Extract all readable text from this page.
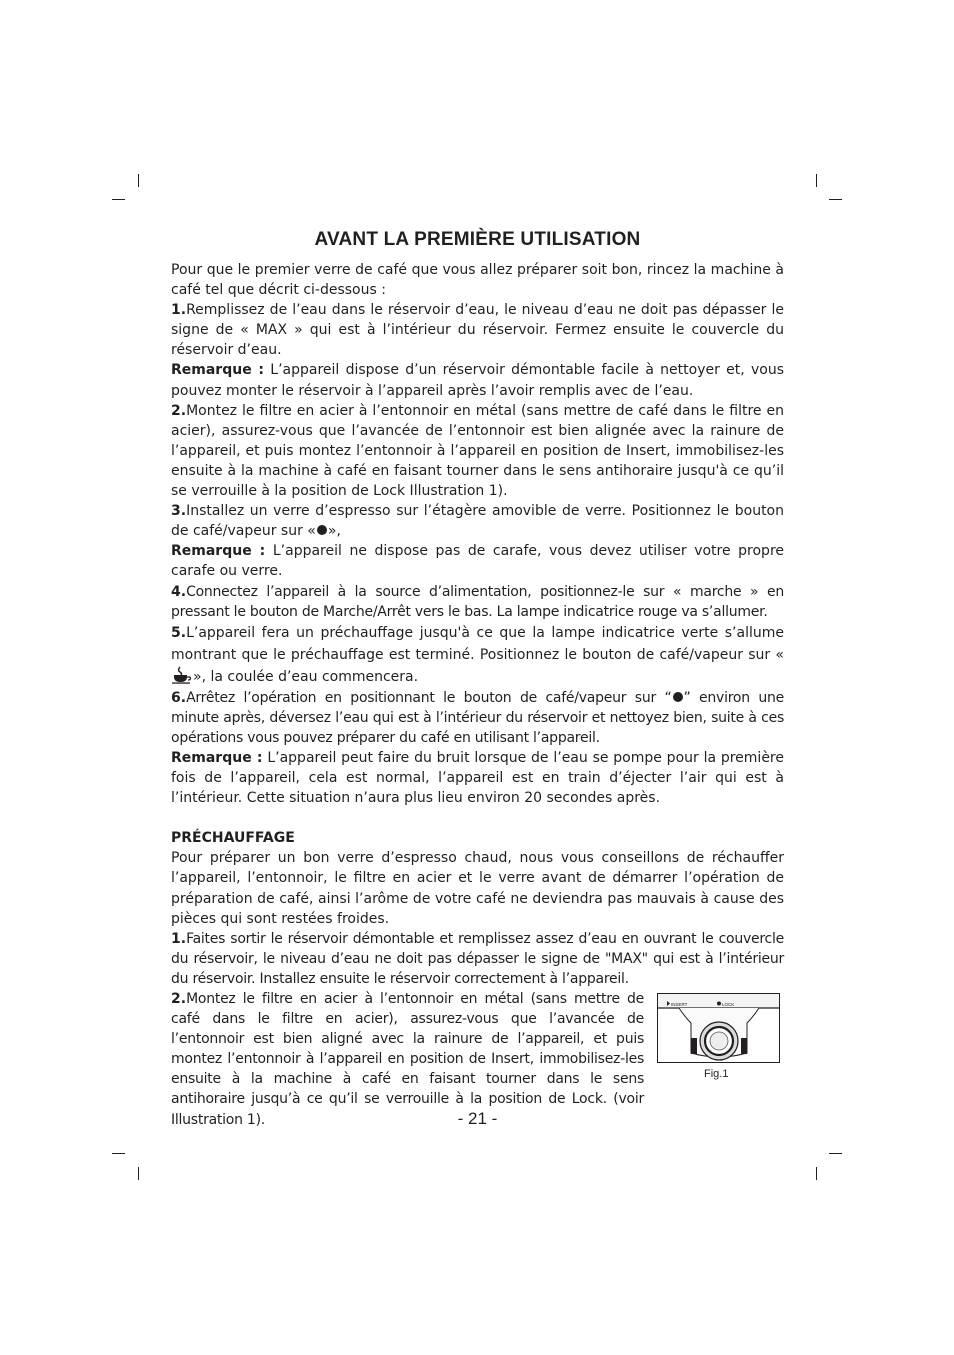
AVANT LA PREMIÈRE UTILISATION

Pour que le premier verre de café que vous allez préparer soit bon, rincez la machine à café tel que décrit ci-dessous :

1.Remplissez de l’eau dans le réservoir d’eau, le niveau d’eau ne doit pas dépasser le signe de « MAX » qui est à l’intérieur du réservoir. Fermez ensuite le couvercle du réservoir d’eau.

Remarque : L’appareil dispose d’un réservoir démontable facile à nettoyer et, vous pouvez monter le réservoir à l’appareil après l’avoir remplis avec de l’eau.

2.Montez le filtre en acier à l’entonnoir en métal (sans mettre de café dans le filtre en acier), assurez-vous que l’avancée de l’entonnoir est bien alignée avec la rainure de l’appareil, et puis montez l’entonnoir à l’appareil en position de Insert, immobilisez-les ensuite à la machine à café en faisant tourner dans le sens antihoraire jusqu'à ce qu’il se verrouille à la position de Lock Illustration 1).

3.Installez un verre d’espresso sur l’étagère amovible de verre. Positionnez le bouton de café/vapeur sur « »,

Remarque : L’appareil ne dispose pas de carafe, vous devez utiliser votre propre carafe ou verre.

4.Connectez l’appareil à la source d’alimentation, positionnez-le sur « marche » en pressant le bouton de Marche/Arrêt vers le bas. La lampe indicatrice rouge va s’allumer.

5.L’appareil fera un préchauffage jusqu'à ce que la lampe indicatrice verte s’allume montrant que le préchauffage est terminé. Positionnez le bouton de café/vapeur sur «», la coulée d’eau commencera.

6.Arrêtez l’opération en positionnant le bouton de café/vapeur sur “ ” environ une minute après, déversez l’eau qui est à l’intérieur du réservoir et nettoyez bien, suite à ces opérations vous pouvez préparer du café en utilisant l’appareil.

Remarque : L’appareil peut faire du bruit lorsque de l’eau se pompe pour la première fois de l’appareil, cela est normal, l’appareil est en train d’éjecter l’air qui est à l’intérieur. Cette situation n’aura plus lieu environ 20 secondes après.

PRÉCHAUFFAGE

Pour préparer un bon verre d’espresso chaud, nous vous conseillons de réchauffer l’appareil, l’entonnoir, le filtre en acier et le verre avant de démarrer l’opération de préparation de café, ainsi l’arôme de votre café ne deviendra pas mauvais à cause des pièces qui sont restées froides.

1.Faites sortir le réservoir démontable et remplissez assez d’eau en ouvrant le couvercle du réservoir, le niveau d’eau ne doit pas dépasser le signe de "MAX" qui est à l’intérieur du réservoir. Installez ensuite le réservoir correctement à l’appareil.

2.Montez le filtre en acier à l’entonnoir en métal (sans mettre de café dans le filtre en acier), assurez-vous que l’avancée de l’entonnoir est bien aligné avec la rainure de l’appareil, et puis montez l’entonnoir à l’appareil en position de Insert, immobilisez-les ensuite à la machine à café en faisant tourner dans le sens antihoraire jusqu’à ce qu’il se verrouille à la position de Lock. (voir Illustration 1).	- 21 -
INSERT	LOCK
Fig.1
